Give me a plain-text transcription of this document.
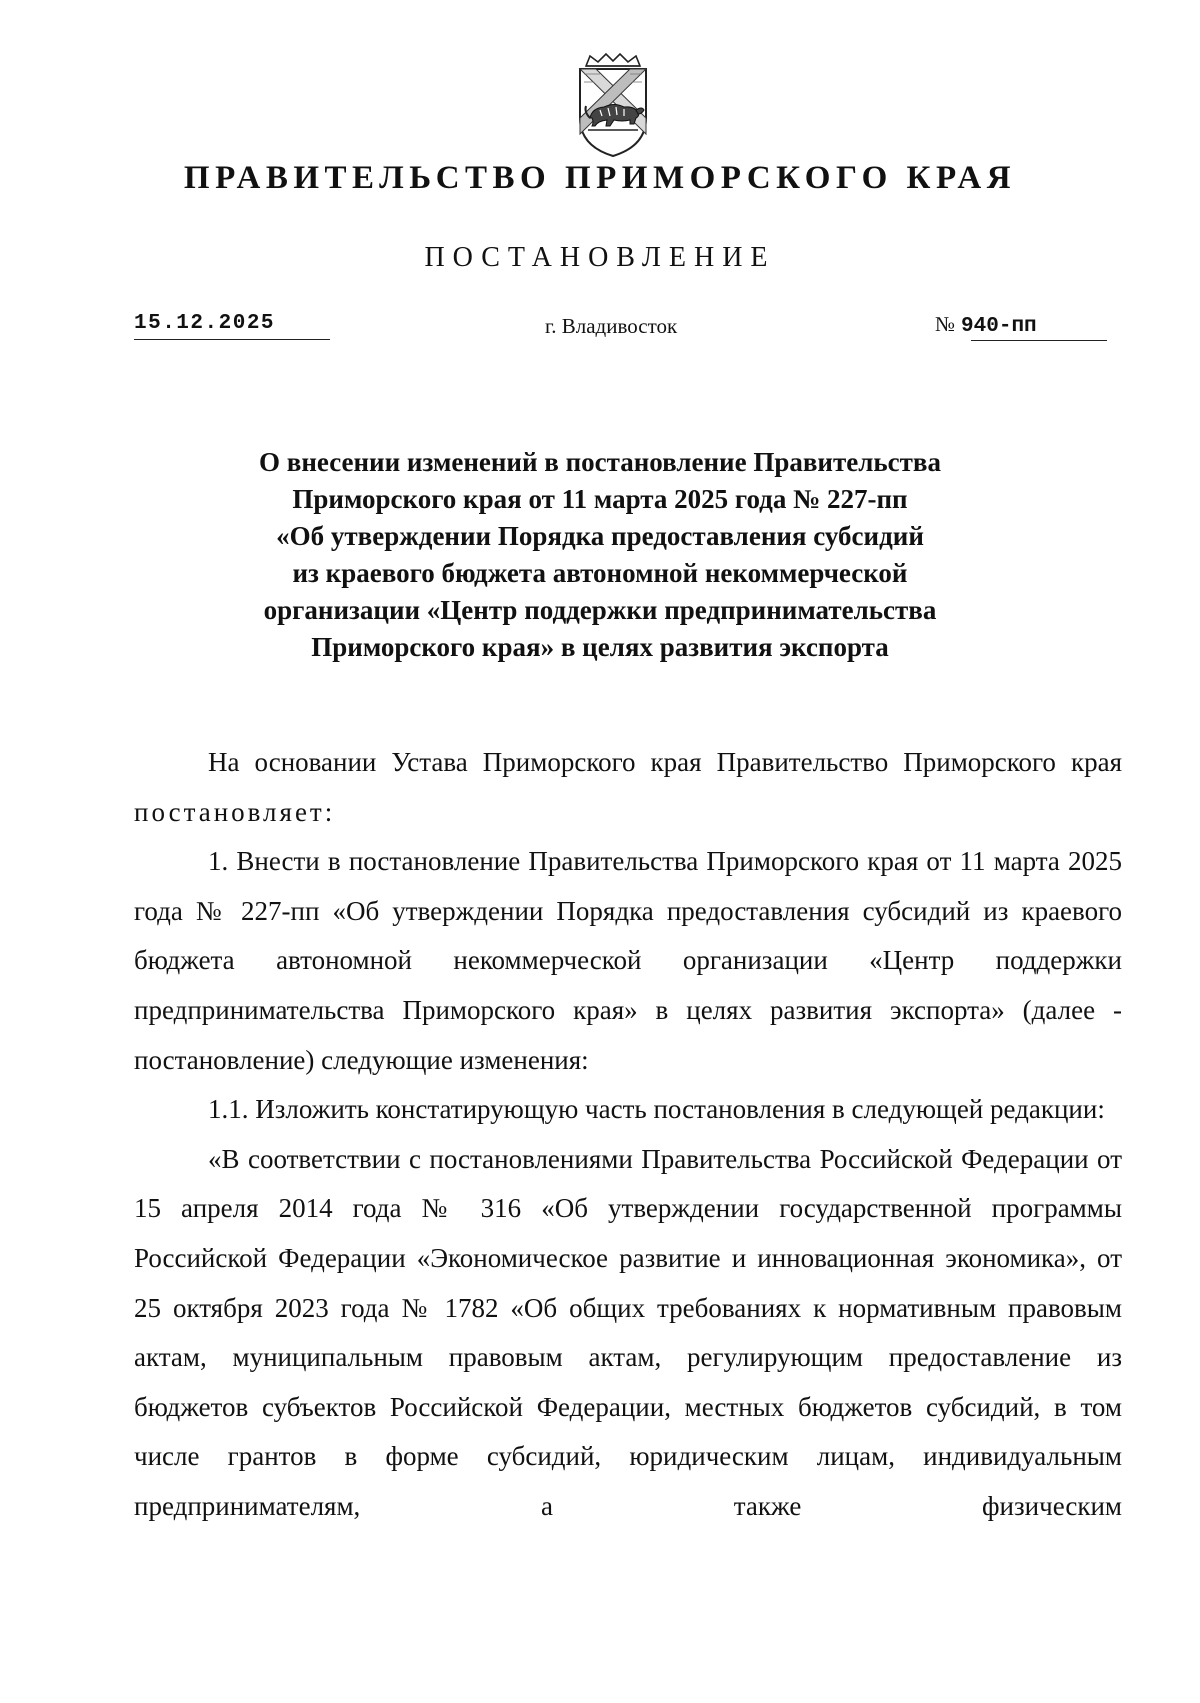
ПРАВИТЕЛЬСТВО ПРИМОРСКОГО КРАЯ
ПОСТАНОВЛЕНИЕ
15.12.2025	г. Владивосток	№ 940-пп
О внесении изменений в постановление Правительства
Приморского края от 11 марта 2025 года № 227-пп
«Об утверждении Порядка предоставления субсидий
из краевого бюджета автономной некоммерческой
организации «Центр поддержки предпринимательства
Приморского края» в целях развития экспорта

На основании Устава Приморского края Правительство Приморского края постановляет:

1. Внести в постановление Правительства Приморского края от 11 марта 2025 года № 227-пп «Об утверждении Порядка предоставления субсидий из краевого бюджета автономной некоммерческой организации «Центр поддержки предпринимательства Приморского края» в целях развития экспорта» (далее - постановление) следующие изменения:

1.1. Изложить констатирующую часть постановления в следующей редакции:

«В соответствии с постановлениями Правительства Российской Федерации от 15 апреля 2014 года № 316 «Об утверждении государственной программы Российской Федерации «Экономическое развитие и инновационная экономика», от 25 октября 2023 года № 1782 «Об общих требованиях к нормативным правовым актам, муниципальным правовым актам, регулирующим предоставление из бюджетов субъектов Российской Федерации, местных бюджетов субсидий, в том числе грантов в форме субсидий, юридическим лицам, индивидуальным предпринимателям, а также физическим
